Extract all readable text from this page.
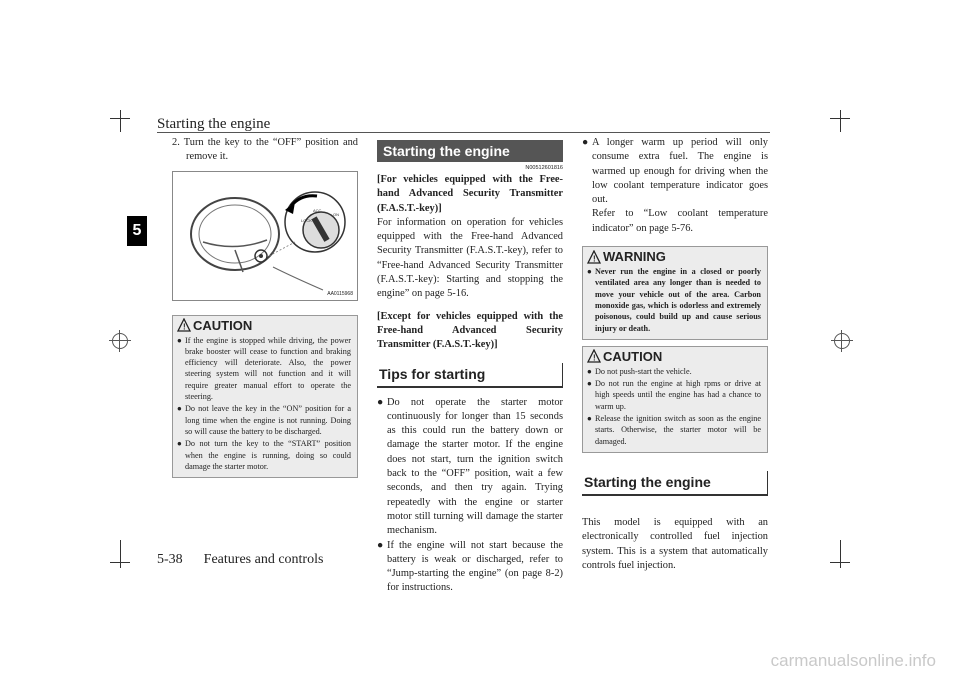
Starting the engine
5

2. Turn the key to the “OFF” position and remove it.

LOCK
ACC
ON
AA0115968
! CAUTION
● If the engine is stopped while driving, the power brake booster will cease to function and braking efficiency will deteriorate. Also, the power steering system will not function and it will require greater manual effort to operate the steering.
● Do not leave the key in the “ON” position for a long time when the engine is not running. Doing so will cause the battery to be discharged.
● Do not turn the key to the “START” position when the engine is running, doing so could damage the starter motor.
Starting the engine
N00512601816

[For vehicles equipped with the Free-hand Advanced Security Transmitter (F.A.S.T.-key)]

For information on operation for vehicles equipped with the Free-hand Advanced Security Transmitter (F.A.S.T.-key), refer to “Free-hand Advanced Security Transmitter (F.A.S.T.-key): Starting and stopping the engine” on page 5-16.

[Except for vehicles equipped with the Free-hand Advanced Security Transmitter (F.A.S.T.-key)]

Tips for starting

● Do not operate the starter motor continuously for longer than 15 seconds as this could run the battery down or damage the starter motor. If the engine does not start, turn the ignition switch back to the “OFF” position, wait a few seconds, and then try again. Trying repeatedly with the engine or starter motor still turning will damage the starter mechanism.

● If the engine will not start because the battery is weak or discharged, refer to “Jump-starting the engine” (on page 8-2) for instructions.

● A longer warm up period will only consume extra fuel. The engine is warmed up enough for driving when the low coolant temperature indicator goes out.

Refer to “Low coolant temperature indicator” on page 5-76.

! WARNING
● Never run the engine in a closed or poorly ventilated area any longer than is needed to move your vehicle out of the area. Carbon monoxide gas, which is odorless and extremely poisonous, could build up and cause serious injury or death.
! CAUTION
● Do not push-start the vehicle.
● Do not run the engine at high rpms or drive at high speeds until the engine has had a chance to warm up.
● Release the ignition switch as soon as the engine starts. Otherwise, the starter motor will be damaged.
Starting the engine

This model is equipped with an electronically controlled fuel injection system. This is a system that automatically controls fuel injection.

5-38 Features and controls
carmanualsonline.info
